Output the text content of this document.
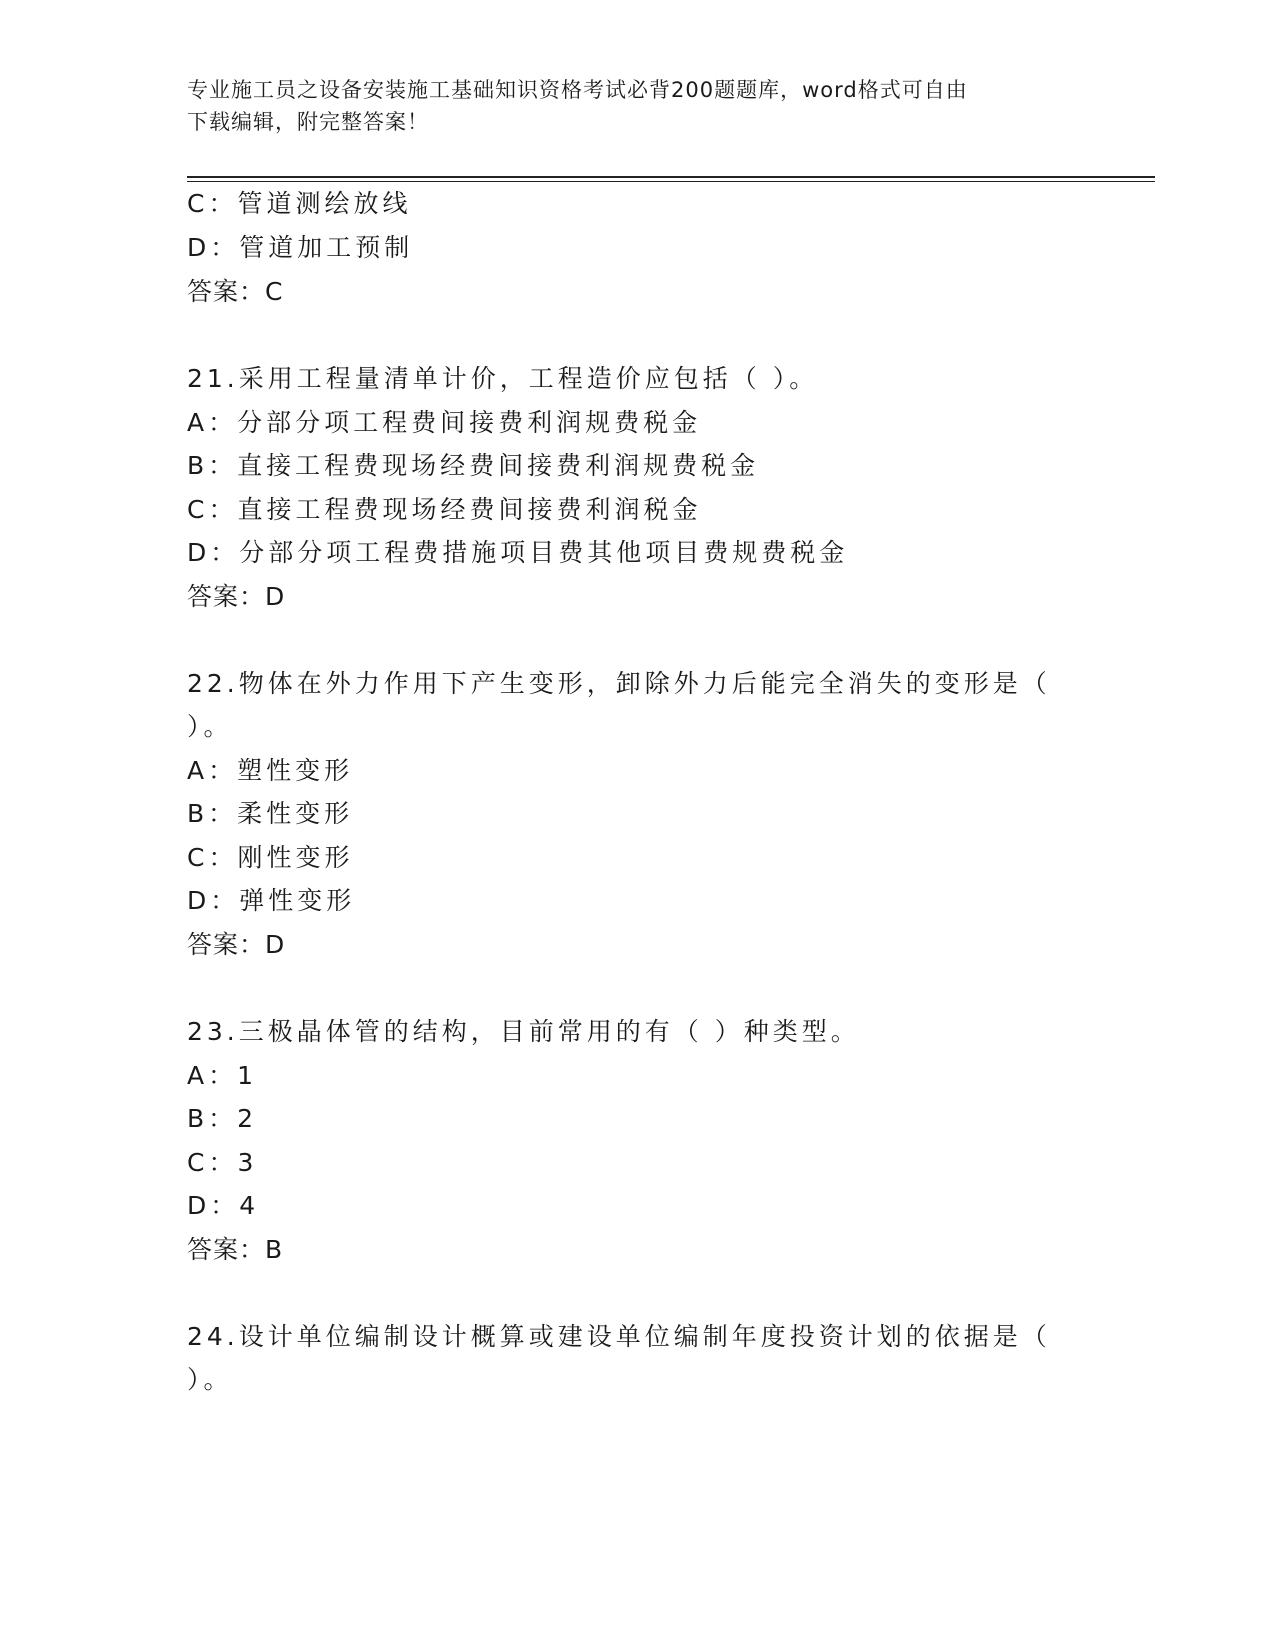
专业施工员之设备安装施工基础知识资格考试必背200题题库，word格式可自由
下载编辑，附完整答案！
C：管道测绘放线
D：管道加工预制
答案：C
21.采用工程量清单计价，工程造价应包括（ ）。
A：分部分项工程费间接费利润规费税金
B：直接工程费现场经费间接费利润规费税金
C：直接工程费现场经费间接费利润税金
D：分部分项工程费措施项目费其他项目费规费税金
答案：D
22.物体在外力作用下产生变形，卸除外力后能完全消失的变形是（
）。
A：塑性变形
B：柔性变形
C：刚性变形
D：弹性变形
答案：D
23.三极晶体管的结构，目前常用的有（ ）种类型。
A：1
B：2
C：3
D：4
答案：B
24.设计单位编制设计概算或建设单位编制年度投资计划的依据是（
）。
